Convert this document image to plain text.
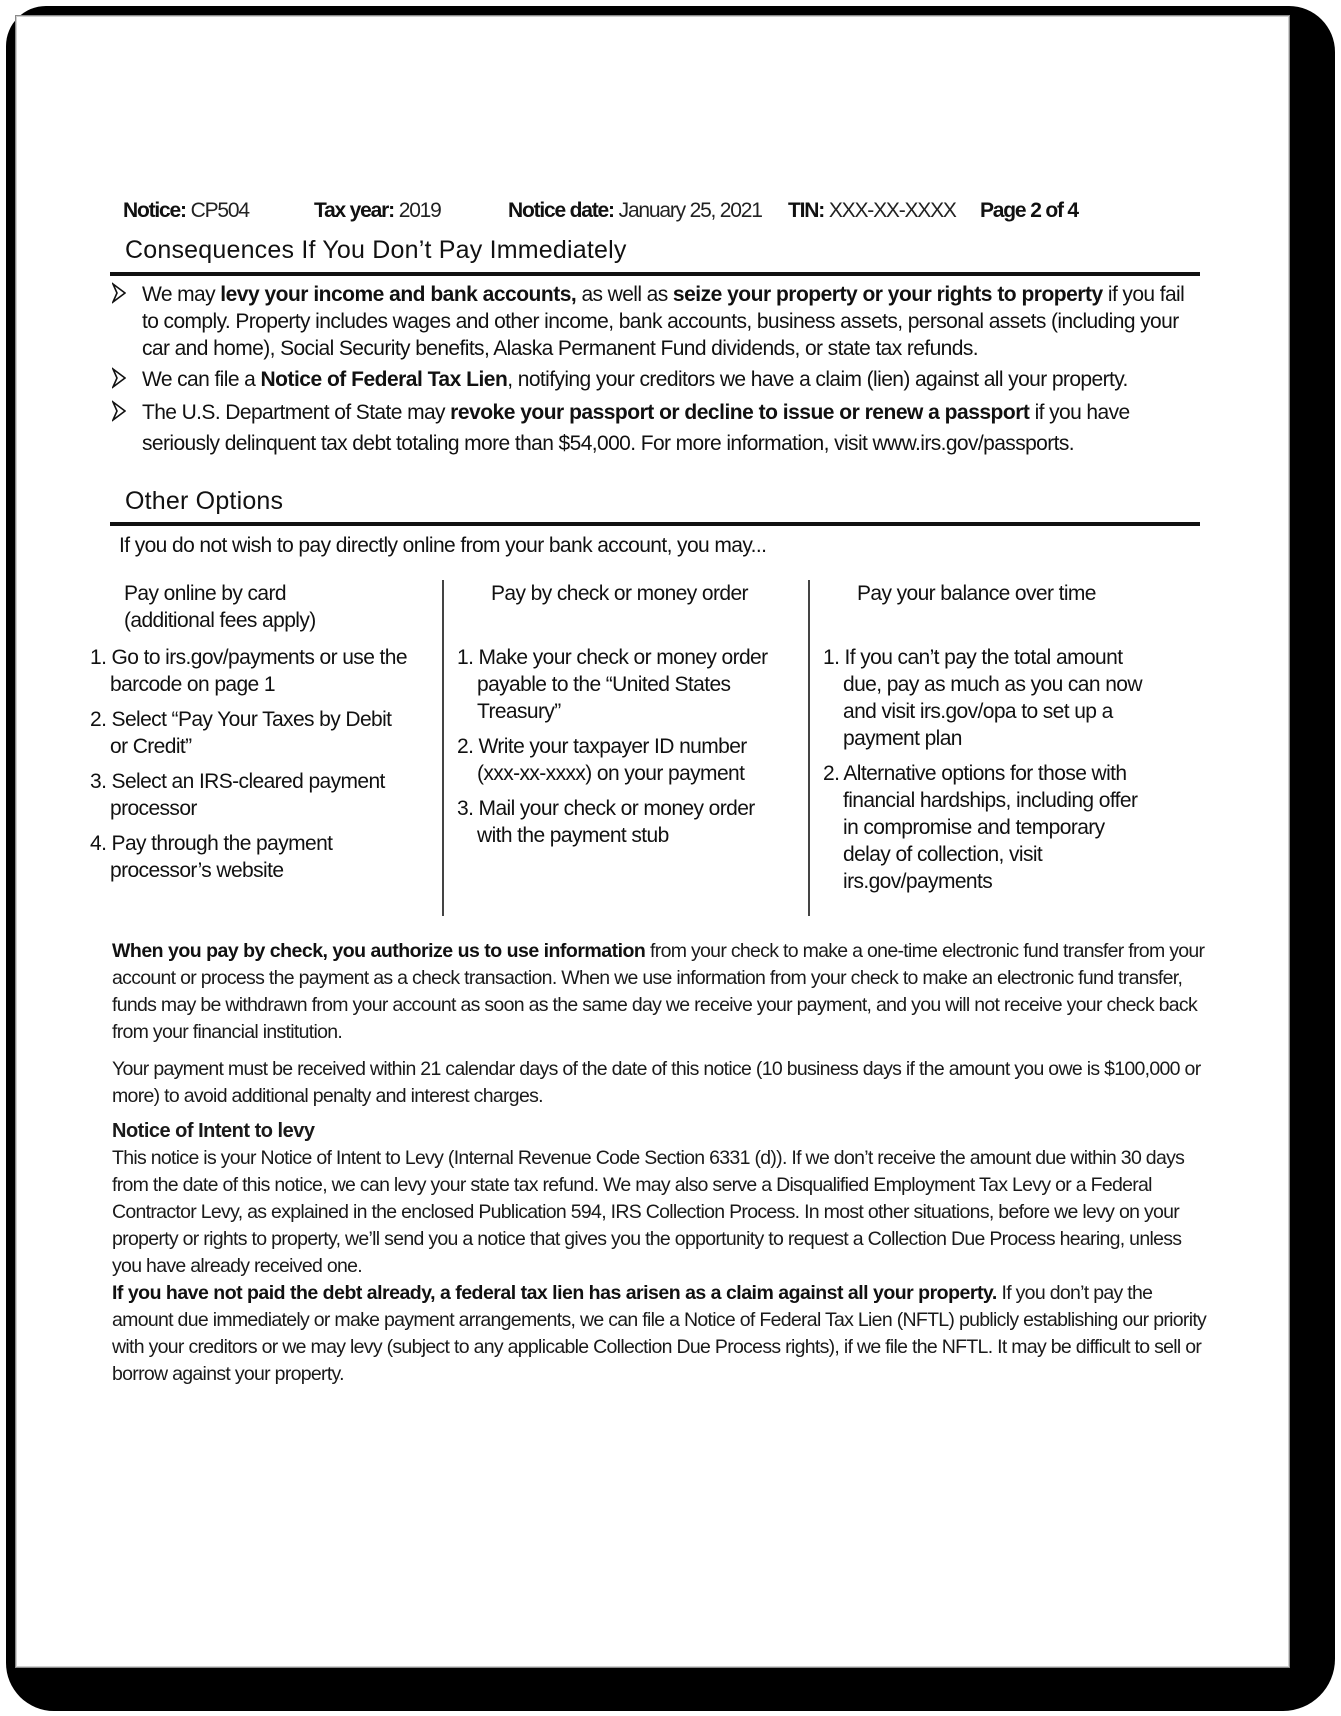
Notice: CP504	Tax year: 2019	Notice date: January 25, 2021 TIN: XXX-XX-XXXX Page 2 of 4
Consequences If You Don’t Pay Immediately
We may levy your income and bank accounts, as well as seize your property or your rights to property if you fail to comply. Property includes wages and other income, bank accounts, business assets, personal assets (including your car and home), Social Security benefits, Alaska Permanent Fund dividends, or state tax refunds.
We can file a Notice of Federal Tax Lien, notifying your creditors we have a claim (lien) against all your property.
The U.S. Department of State may revoke your passport or decline to issue or renew a passport if you have seriously delinquent tax debt totaling more than $54,000. For more information, visit www.irs.gov/passports.
Other Options
If you do not wish to pay directly online from your bank account, you may...
Pay online by card
(additional fees apply)
1. Go to irs.gov/payments or use the barcode on page 1
2. Select “Pay Your Taxes by Debit or Credit”
3. Select an IRS-cleared payment processor
4. Pay through the payment processor’s website
Pay by check or money order
1. Make your check or money order payable to the “United States Treasury”
2. Write your taxpayer ID number (xxx-xx-xxxx) on your payment
3. Mail your check or money order with the payment stub
Pay your balance over time
1. If you can’t pay the total amount due, pay as much as you can now and visit irs.gov/opa to set up a payment plan
2. Alternative options for those with financial hardships, including offer in compromise and temporary delay of collection, visit irs.gov/payments
When you pay by check, you authorize us to use information from your check to make a one-time electronic fund transfer from your account or process the payment as a check transaction. When we use information from your check to make an electronic fund transfer, funds may be withdrawn from your account as soon as the same day we receive your payment, and you will not receive your check back from your financial institution.
Your payment must be received within 21 calendar days of the date of this notice (10 business days if the amount you owe is $100,000 or more) to avoid additional penalty and interest charges.
Notice of Intent to levy
This notice is your Notice of Intent to Levy (Internal Revenue Code Section 6331 (d)). If we don’t receive the amount due within 30 days from the date of this notice, we can levy your state tax refund. We may also serve a Disqualified Employment Tax Levy or a Federal Contractor Levy, as explained in the enclosed Publication 594, IRS Collection Process. In most other situations, before we levy on your property or rights to property, we’ll send you a notice that gives you the opportunity to request a Collection Due Process hearing, unless you have already received one.
If you have not paid the debt already, a federal tax lien has arisen as a claim against all your property. If you don’t pay the amount due immediately or make payment arrangements, we can file a Notice of Federal Tax Lien (NFTL) publicly establishing our priority with your creditors or we may levy (subject to any applicable Collection Due Process rights), if we file the NFTL. It may be difficult to sell or borrow against your property.
